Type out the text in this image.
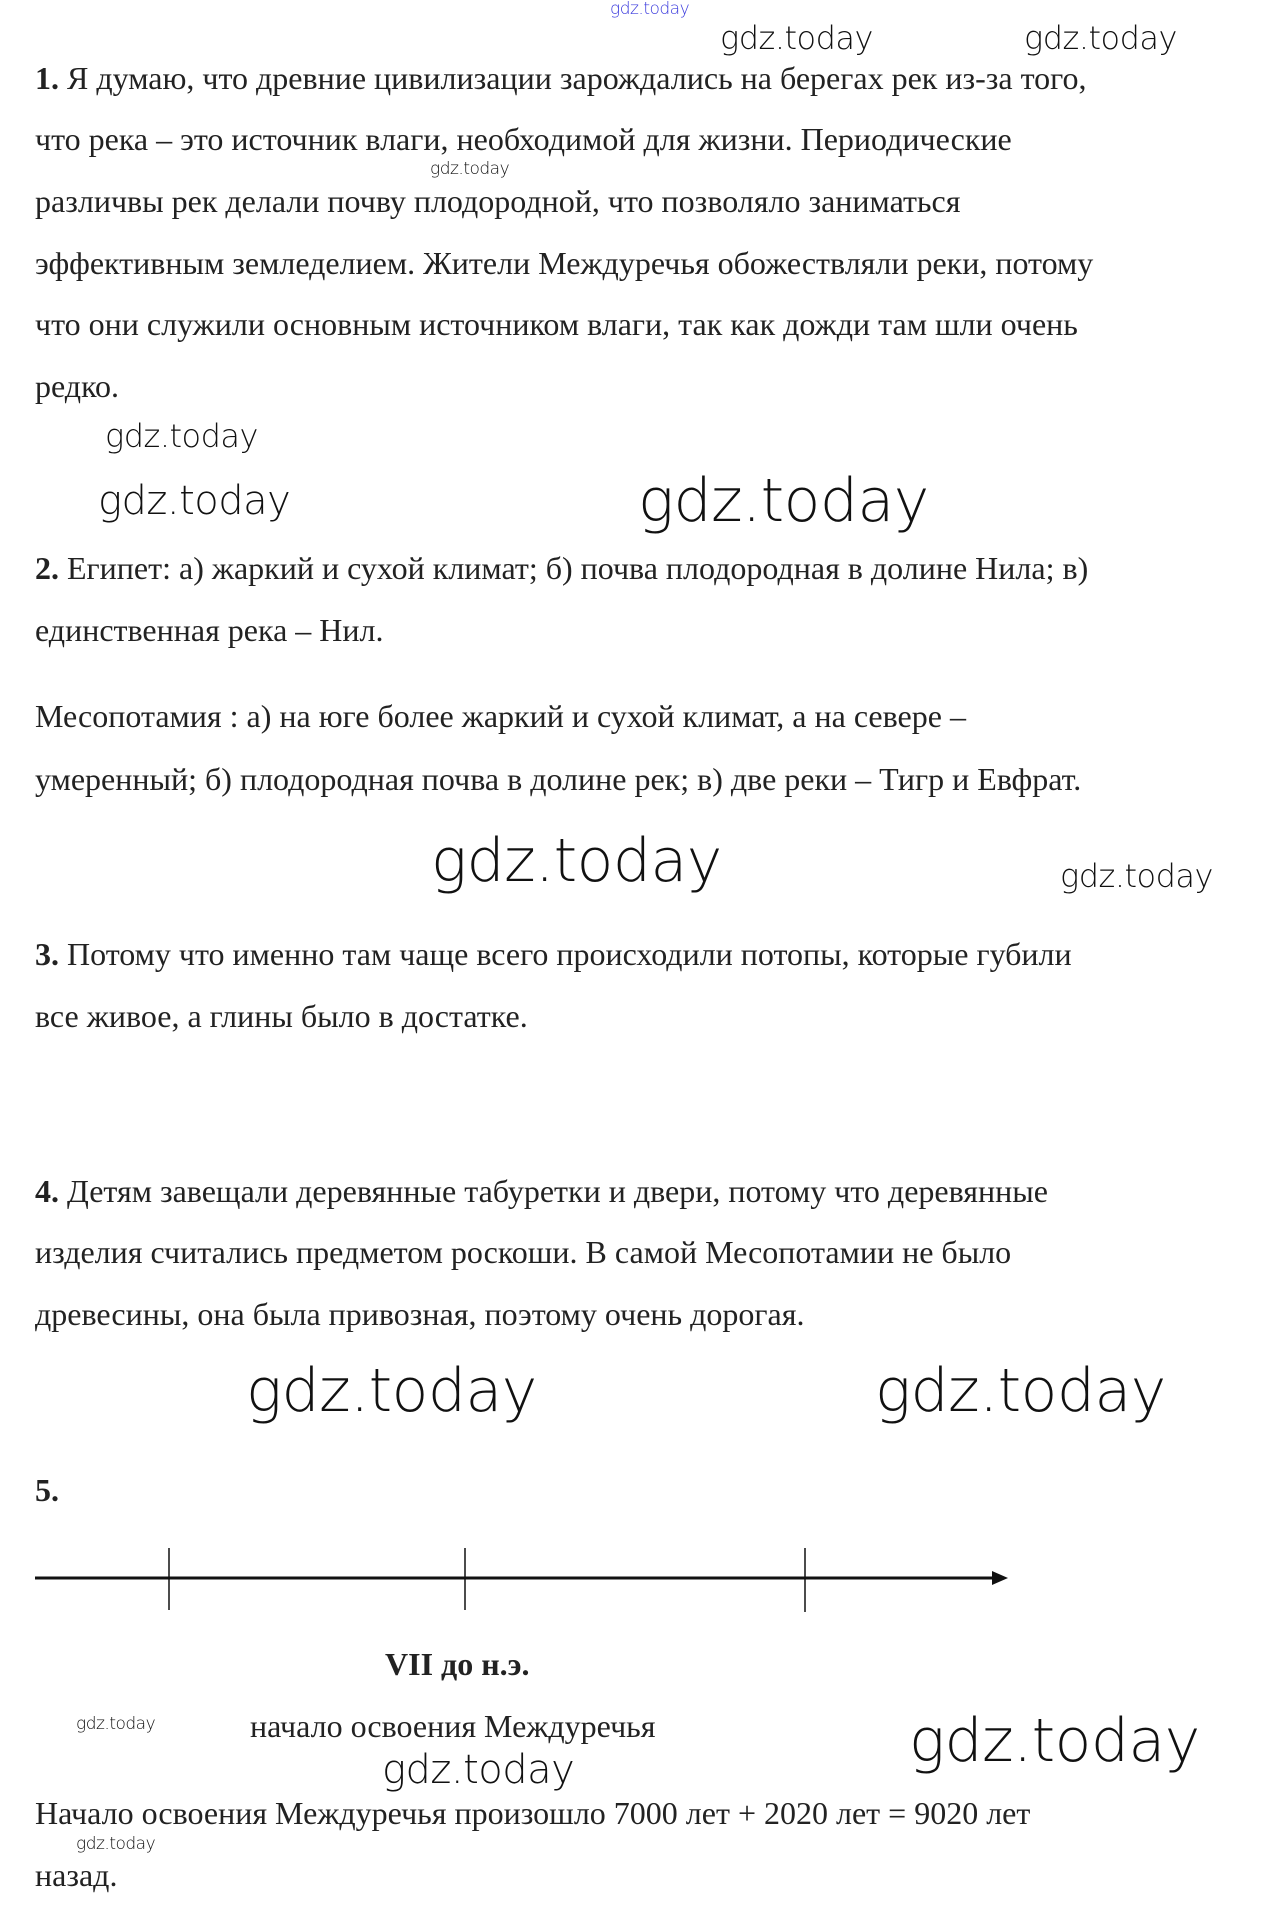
gdz.today
gdz.today	gdz.today
gdz.today
gdz.today
gdz.today	gdz.today
gdz.today	gdz.today
gdz.today	gdz.today
gdz.today
gdz.today	gdz.today
gdz.today
1. Я думаю, что древние цивилизации зарождались на берегах рек из-за того,
что река – это источник влаги, необходимой для жизни. Периодические
различвы рек делали почву плодородной, что позволяло заниматься
эффективным земледелием. Жители Междуречья обожествляли реки, потому
что они служили основным источником влаги, так как дожди там шли очень
редко.
2. Египет: а) жаркий и сухой климат; б) почва плодородная в долине Нила; в)
единственная река – Нил.
Месопотамия : а) на юге более жаркий и сухой климат, а на севере –
умеренный; б) плодородная почва в долине рек; в) две реки – Тигр и Евфрат.
3. Потому что именно там чаще всего происходили потопы, которые губили
все живое, а глины было в достатке.
4. Детям завещали деревянные табуретки и двери, потому что деревянные
изделия считались предметом роскоши. В самой Месопотамии не было
древесины, она была привозная, поэтому очень дорогая.
5.
VII до н.э.
начало освоения Междуречья
Начало освоения Междуречья произошло 7000 лет + 2020 лет = 9020 лет
назад.
